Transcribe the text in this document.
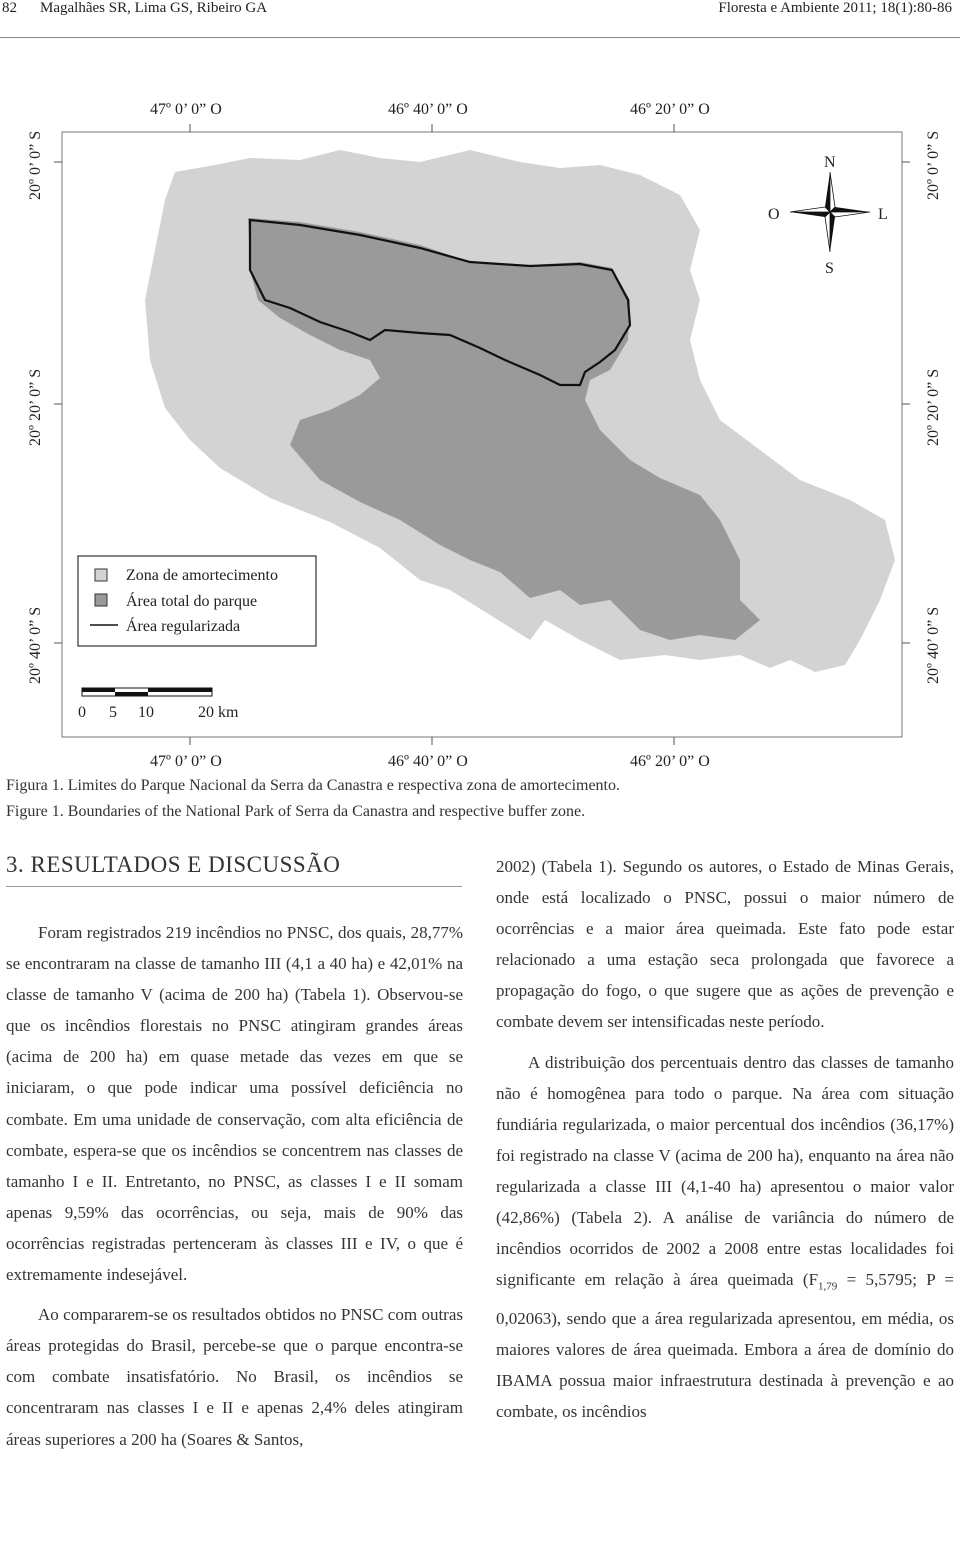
82 Magalhães SR, Lima GS, Ribeiro GA	Floresta e Ambiente 2011; 18(1):80-86
N
S
O	L
Zona de amortecimento
Área total do parque
Área regularizada
0 5 10	20 km
47º 0’ 0” O	46º 40’ 0” O	46º 20’ 0” O
47º 0’ 0” O	46º 40’ 0” O	46º 20’ 0” O
20º 0’ 0” S
20º 20’ 0” S
20º 40’ 0” S
20º 0’ 0” S
20º 20’ 0” S
20º 40’ 0” S
Figura 1. Limites do Parque Nacional da Serra da Canastra e respectiva zona de amortecimento.
Figure 1. Boundaries of the National Park of Serra da Canastra and respective buffer zone.
3. RESULTADOS E DISCUSSÃO

Foram registrados 219 incêndios no PNSC, dos quais, 28,77% se encontraram na classe de tamanho III (4,1 a 40 ha) e 42,01% na classe de tamanho V (acima de 200 ha) (Tabela 1). Observou-se que os incêndios florestais no PNSC atingiram grandes áreas (acima de 200 ha) em quase metade das vezes em que se iniciaram, o que pode indicar uma possível deficiência no combate. Em uma unidade de conservação, com alta eficiência de combate, espera-se que os incêndios se concentrem nas classes de tamanho I e II. Entretanto, no PNSC, as classes I e II somam apenas 9,59% das ocorrências, ou seja, mais de 90% das ocorrências registradas pertenceram às classes III e IV, o que é extremamente indesejável.

Ao compararem-se os resultados obtidos no PNSC com outras áreas protegidas do Brasil, percebe-se que o parque encontra-se com combate insatisfatório. No Brasil, os incêndios se concentraram nas classes I e II e apenas 2,4% deles atingiram áreas superiores a 200 ha (Soares & Santos,

2002) (Tabela 1). Segundo os autores, o Estado de Minas Gerais, onde está localizado o PNSC, possui o maior número de ocorrências e a maior área queimada. Este fato pode estar relacionado a uma estação seca prolongada que favorece a propagação do fogo, o que sugere que as ações de prevenção e combate devem ser intensificadas neste período.

A distribuição dos percentuais dentro das classes de tamanho não é homogênea para todo o parque. Na área com situação fundiária regularizada, o maior percentual dos incêndios (36,17%) foi registrado na classe V (acima de 200 ha), enquanto na área não regularizada a classe III (4,1-40 ha) apresentou o maior valor (42,86%) (Tabela 2). A análise de variância do número de incêndios ocorridos de 2002 a 2008 entre estas localidades foi significante em relação à área queimada ($F_{1,79} = 5,5795$; P = 0,02063), sendo que a área regularizada apresentou, em média, os maiores valores de área queimada. Embora a área de domínio do IBAMA possua maior infraestrutura destinada à prevenção e ao combate, os incêndios
